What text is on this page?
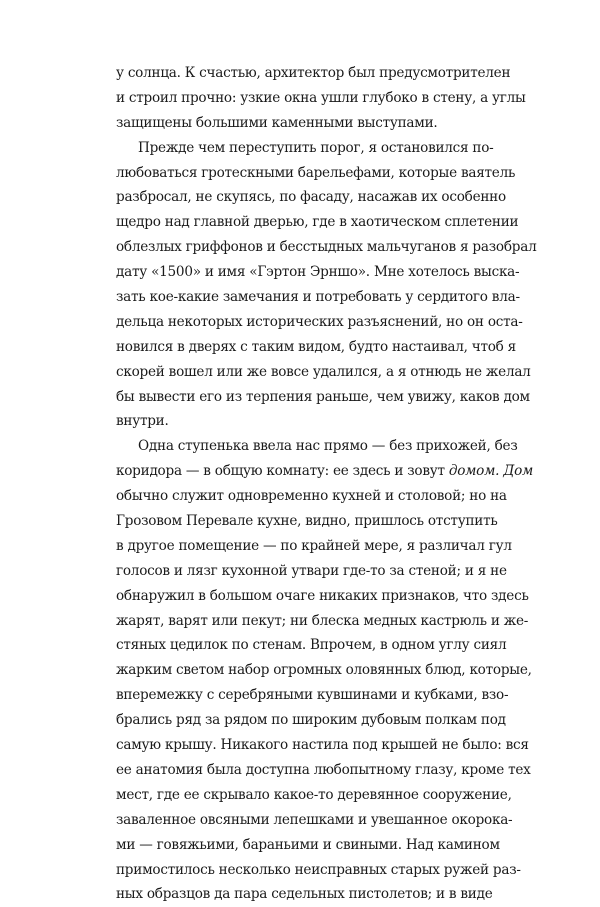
у солнца. К счастью, архитектор был предусмотрителен
и строил прочно: узкие окна ушли глубоко в стену, а углы
защищены большими каменными выступами.
Прежде чем переступить порог, я остановился по-
любоваться гротескными барельефами, которые ваятель
разбросал, не скупясь, по фасаду, насажав их особенно
щедро над главной дверью, где в хаотическом сплетении
облезлых гриффонов и бесстыдных мальчуганов я разобрал
дату «1500» и имя «Гэртон Эрншо». Мне хотелось выска-
зать кое-какие замечания и потребовать у сердитого вла-
дельца некоторых исторических разъяснений, но он оста-
новился в дверях с таким видом, будто настаивал, чтоб я
скорей вошел или же вовсе удалился, а я отнюдь не желал
бы вывести его из терпения раньше, чем увижу, каков дом
внутри.
Одна ступенька ввела нас прямо — без прихожей, без
коридора — в общую комнату: ее здесь и зовут домом. Дом
обычно служит одновременно кухней и столовой; но на
Грозовом Перевале кухне, видно, пришлось отступить
в другое помещение — по крайней мере, я различал гул
голосов и лязг кухонной утвари где-то за стеной; и я не
обнаружил в большом очаге никаких признаков, что здесь
жарят, варят или пекут; ни блеска медных кастрюль и же-
стяных цедилок по стенам. Впрочем, в одном углу сиял
жарким светом набор огромных оловянных блюд, которые,
вперемежку с серебряными кувшинами и кубками, взо-
брались ряд за рядом по широким дубовым полкам под
самую крышу. Никакого настила под крышей не было: вся
ее анатомия была доступна любопытному глазу, кроме тех
мест, где ее скрывало какое-то деревянное сооружение,
заваленное овсяными лепешками и увешанное окорока-
ми — говяжьими, бараньими и свиными. Над камином
примостилось несколько неисправных старых ружей раз-
ных образцов да пара седельных пистолетов; и в виде
